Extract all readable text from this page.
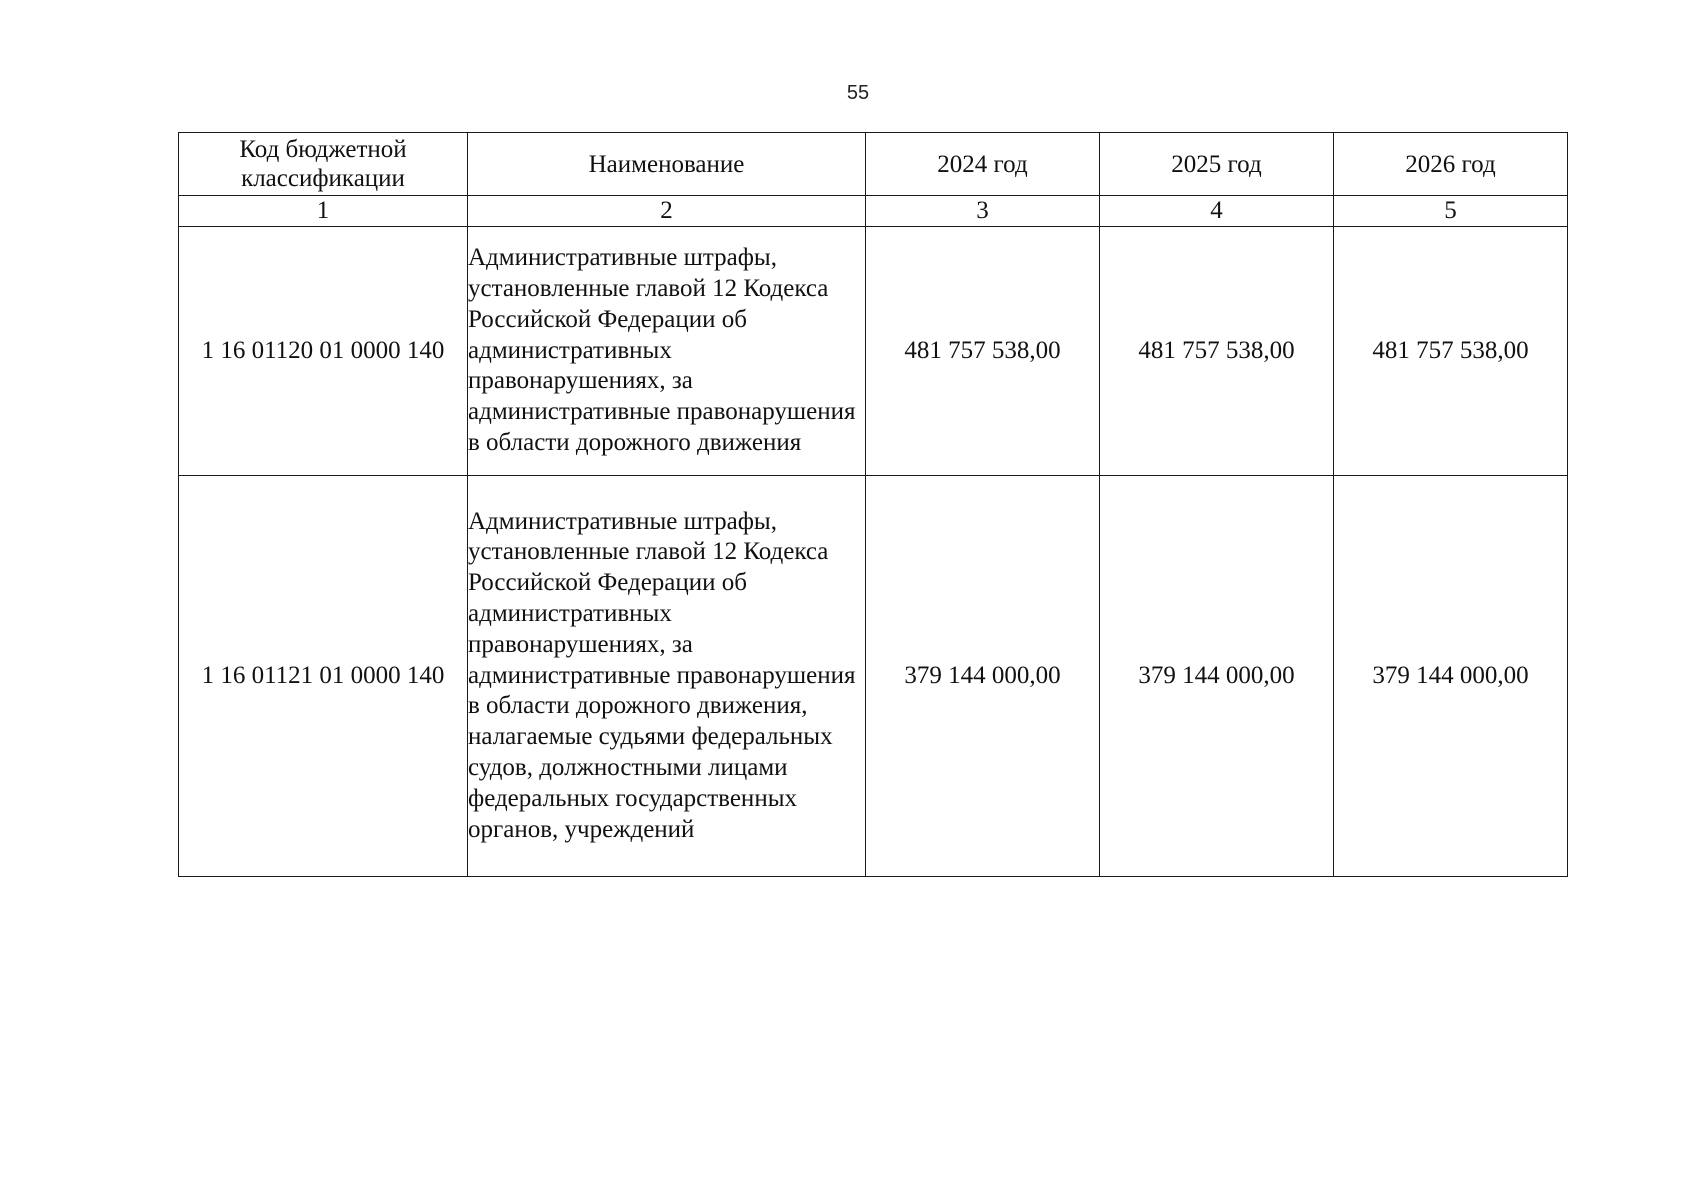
55
Код бюджетной классификации	Наименование	2024 год	2025 год	2026 год
1	2	3	4	5
1 16 01120 01 0000 140	Административные штрафы, установленные главой 12 Кодекса Российской Федерации об административных правонарушениях, за административные правонарушения в области дорожного движения	481 757 538,00	481 757 538,00	481 757 538,00
1 16 01121 01 0000 140	Административные штрафы, установленные главой 12 Кодекса Российской Федерации об административных правонарушениях, за административные правонарушения в области дорожного движения, налагаемые судьями федеральных судов, должностными лицами федеральных государственных органов, учреждений	379 144 000,00	379 144 000,00	379 144 000,00
